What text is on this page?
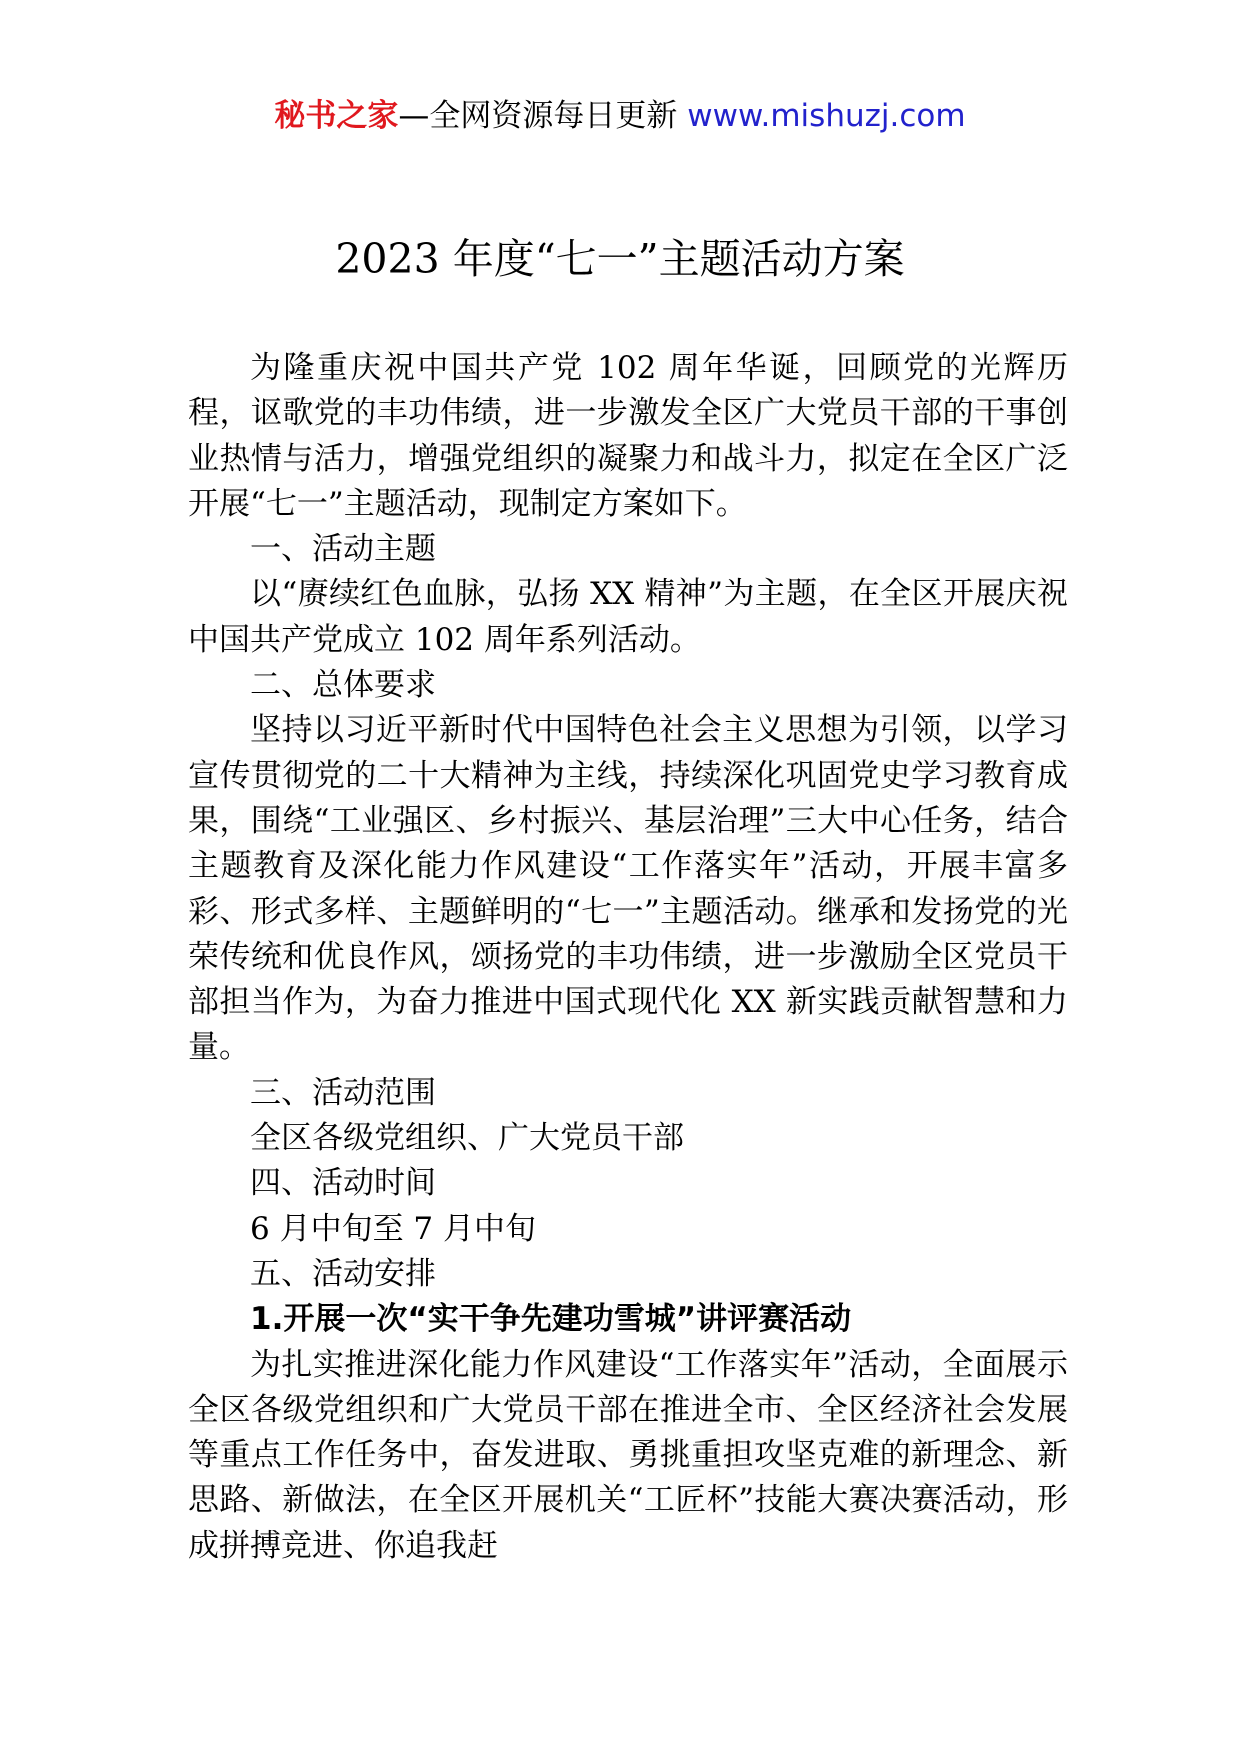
秘书之家—全网资源每日更新 www.mishuzj.com
2023 年度“七一”主题活动方案

为隆重庆祝中国共产党 102 周年华诞，回顾党的光辉历程，讴歌党的丰功伟绩，进一步激发全区广大党员干部的干事创业热情与活力，增强党组织的凝聚力和战斗力，拟定在全区广泛开展“七一”主题活动，现制定方案如下。

一、活动主题

以“赓续红色血脉，弘扬 XX 精神”为主题，在全区开展庆祝中国共产党成立 102 周年系列活动。

二、总体要求

坚持以习近平新时代中国特色社会主义思想为引领，以学习宣传贯彻党的二十大精神为主线，持续深化巩固党史学习教育成果，围绕“工业强区、乡村振兴、基层治理”三大中心任务，结合主题教育及深化能力作风建设“工作落实年”活动，开展丰富多彩、形式多样、主题鲜明的“七一”主题活动。继承和发扬党的光荣传统和优良作风，颂扬党的丰功伟绩，进一步激励全区党员干部担当作为，为奋力推进中国式现代化 XX 新实践贡献智慧和力量。

三、活动范围

全区各级党组织、广大党员干部

四、活动时间

6 月中旬至 7 月中旬

五、活动安排

1.开展一次“实干争先建功雪城”讲评赛活动

为扎实推进深化能力作风建设“工作落实年”活动，全面展示全区各级党组织和广大党员干部在推进全市、全区经济社会发展等重点工作任务中，奋发进取、勇挑重担攻坚克难的新理念、新思路、新做法，在全区开展机关“工匠杯”技能大赛决赛活动，形成拼搏竞进、你追我赶
